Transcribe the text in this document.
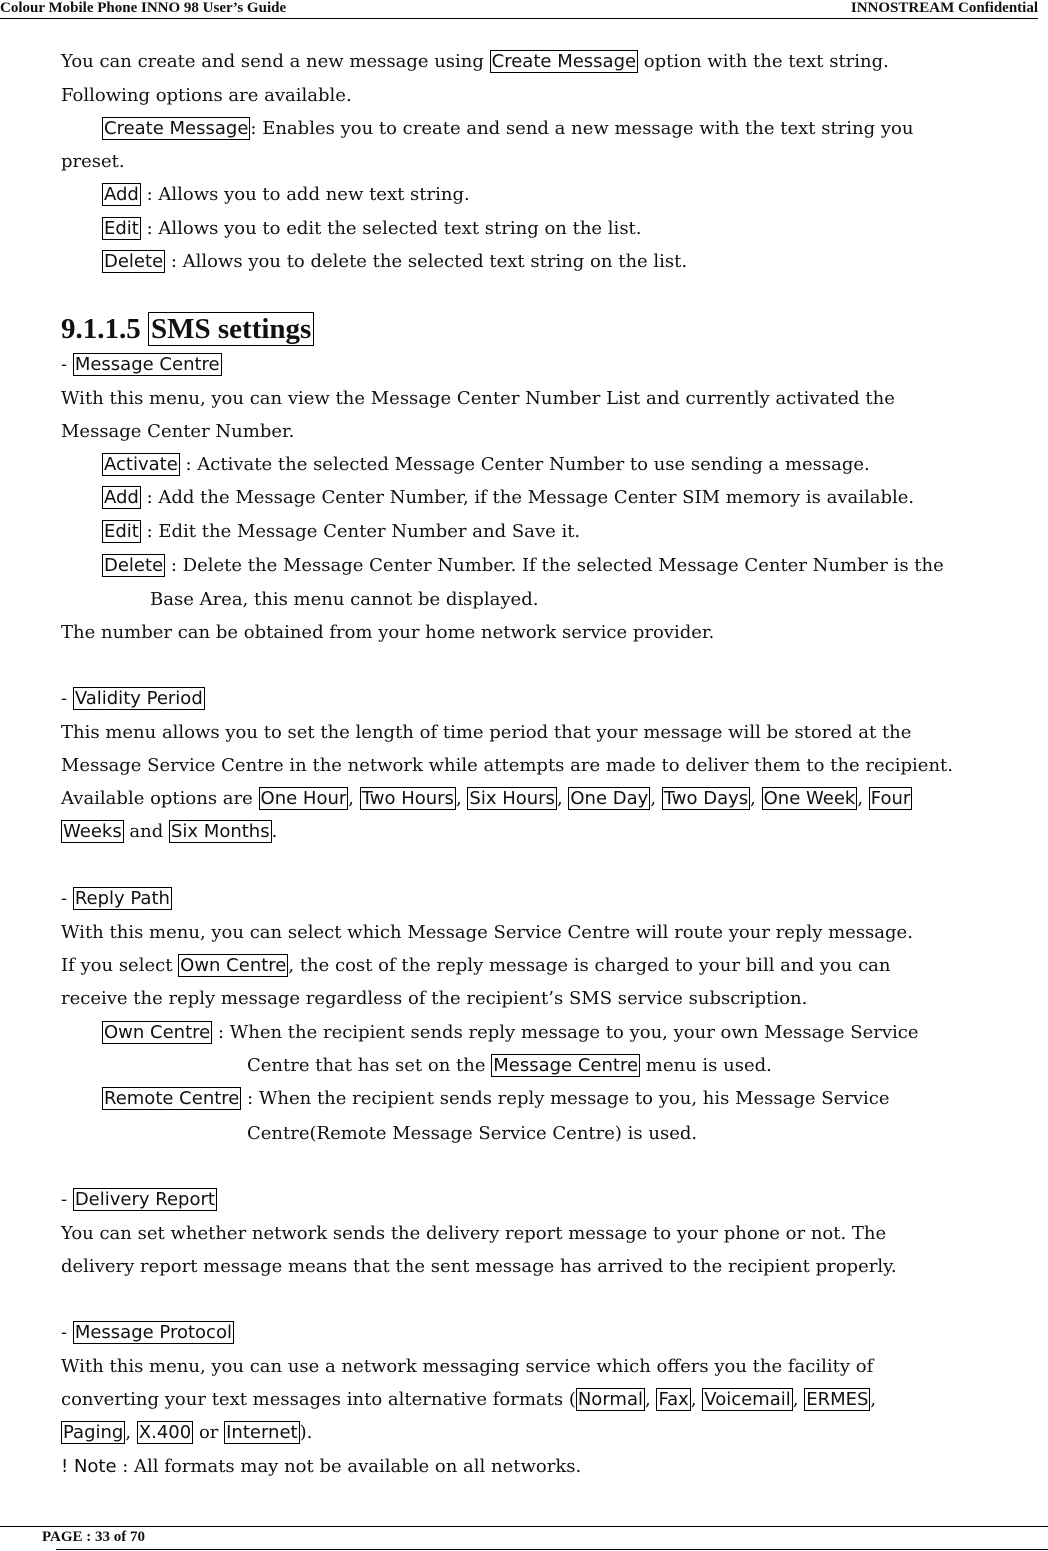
Colour Mobile Phone INNO 98 User’s Guide	INNOSTREAM Confidential
You can create and send a new message using Create Message option with the text string.
Following options are available.
Create Message : Enables you to create and send a new message with the text string you
preset.
Add : Allows you to add new text string.
Edit : Allows you to edit the selected text string on the list.
Delete : Allows you to delete the selected text string on the list.
9.1.1.5 SMS settings
- Message Centre
With this menu, you can view the Message Center Number List and currently activated the
Message Center Number.
Activate : Activate the selected Message Center Number to use sending a message.
Add : Add the Message Center Number, if the Message Center SIM memory is available.
Edit : Edit the Message Center Number and Save it.
Delete : Delete the Message Center Number. If the selected Message Center Number is the
Base Area, this menu cannot be displayed.
The number can be obtained from your home network service provider.
- Validity Period
This menu allows you to set the length of time period that your message will be stored at the
Message Service Centre in the network while attempts are made to deliver them to the recipient.
Available options are One Hour , Two Hours , Six Hours , One Day , Two Days , One Week , Four
Weeks and Six Months .
- Reply Path
With this menu, you can select which Message Service Centre will route your reply message.
If you select Own Centre , the cost of the reply message is charged to your bill and you can
receive the reply message regardless of the recipient’s SMS service subscription.
Own Centre : When the recipient sends reply message to you, your own Message Service
Centre that has set on the Message Centre menu is used.
Remote Centre : When the recipient sends reply message to you, his Message Service
Centre(Remote Message Service Centre) is used.
- Delivery Report
You can set whether network sends the delivery report message to your phone or not. The
delivery report message means that the sent message has arrived to the recipient properly.
- Message Protocol
With this menu, you can use a network messaging service which offers you the facility of
converting your text messages into alternative formats ( Normal , Fax , Voicemail , ERMES ,
Paging , X.400 or Internet ).
! Note : All formats may not be available on all networks.
PAGE : 33 of 70
